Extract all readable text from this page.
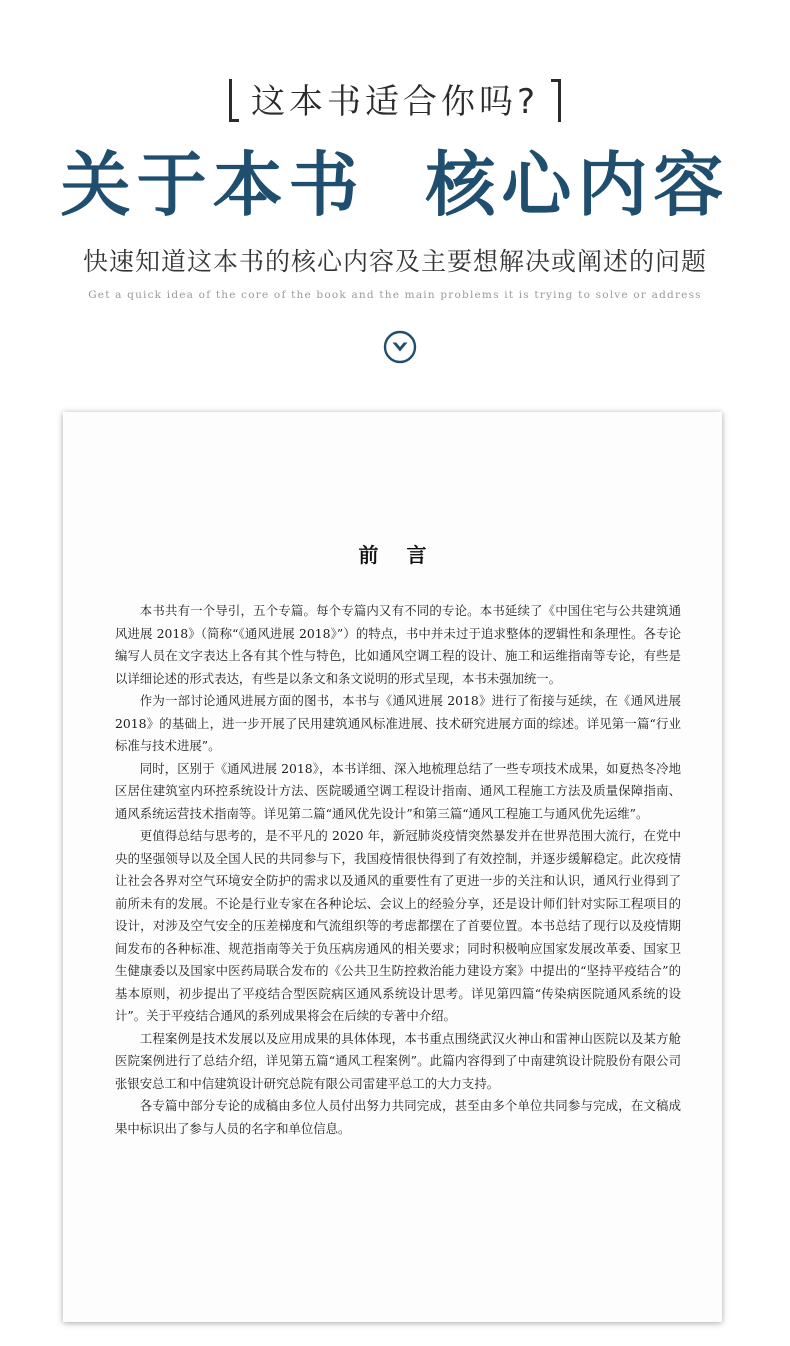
这本书适合你吗?
关于本书  核心内容
快速知道这本书的核心内容及主要想解决或阐述的问题
Get a quick idea of the core of the book and the main problems it is trying to solve or address
前言

本书共有一个导引，五个专篇。每个专篇内又有不同的专论。本书延续了《中国住宅与公共建筑通风进展 2018》（简称“《通风进展 2018》”）的特点，书中并未过于追求整体的逻辑性和条理性。各专论编写人员在文字表达上各有其个性与特色，比如通风空调工程的设计、施工和运维指南等专论，有些是以详细论述的形式表达，有些是以条文和条文说明的形式呈现，本书未强加统一。

作为一部讨论通风进展方面的图书，本书与《通风进展 2018》进行了衔接与延续，在《通风进展 2018》的基础上，进一步开展了民用建筑通风标准进展、技术研究进展方面的综述。详见第一篇“行业标准与技术进展”。

同时，区别于《通风进展 2018》，本书详细、深入地梳理总结了一些专项技术成果，如夏热冬冷地区居住建筑室内环控系统设计方法、医院暖通空调工程设计指南、通风工程施工方法及质量保障指南、通风系统运营技术指南等。详见第二篇“通风优先设计”和第三篇“通风工程施工与通风优先运维”。

更值得总结与思考的，是不平凡的 2020 年，新冠肺炎疫情突然暴发并在世界范围大流行，在党中央的坚强领导以及全国人民的共同参与下，我国疫情很快得到了有效控制，并逐步缓解稳定。此次疫情让社会各界对空气环境安全防护的需求以及通风的重要性有了更进一步的关注和认识，通风行业得到了前所未有的发展。不论是行业专家在各种论坛、会议上的经验分享，还是设计师们针对实际工程项目的设计，对涉及空气安全的压差梯度和气流组织等的考虑都摆在了首要位置。本书总结了现行以及疫情期间发布的各种标准、规范指南等关于负压病房通风的相关要求；同时积极响应国家发展改革委、国家卫生健康委以及国家中医药局联合发布的《公共卫生防控救治能力建设方案》中提出的“坚持平疫结合”的基本原则，初步提出了平疫结合型医院病区通风系统设计思考。详见第四篇“传染病医院通风系统的设计”。关于平疫结合通风的系列成果将会在后续的专著中介绍。

工程案例是技术发展以及应用成果的具体体现，本书重点围绕武汉火神山和雷神山医院以及某方舱医院案例进行了总结介绍，详见第五篇“通风工程案例”。此篇内容得到了中南建筑设计院股份有限公司张银安总工和中信建筑设计研究总院有限公司雷建平总工的大力支持。

各专篇中部分专论的成稿由多位人员付出努力共同完成，甚至由多个单位共同参与完成，在文稿成果中标识出了参与人员的名字和单位信息。
